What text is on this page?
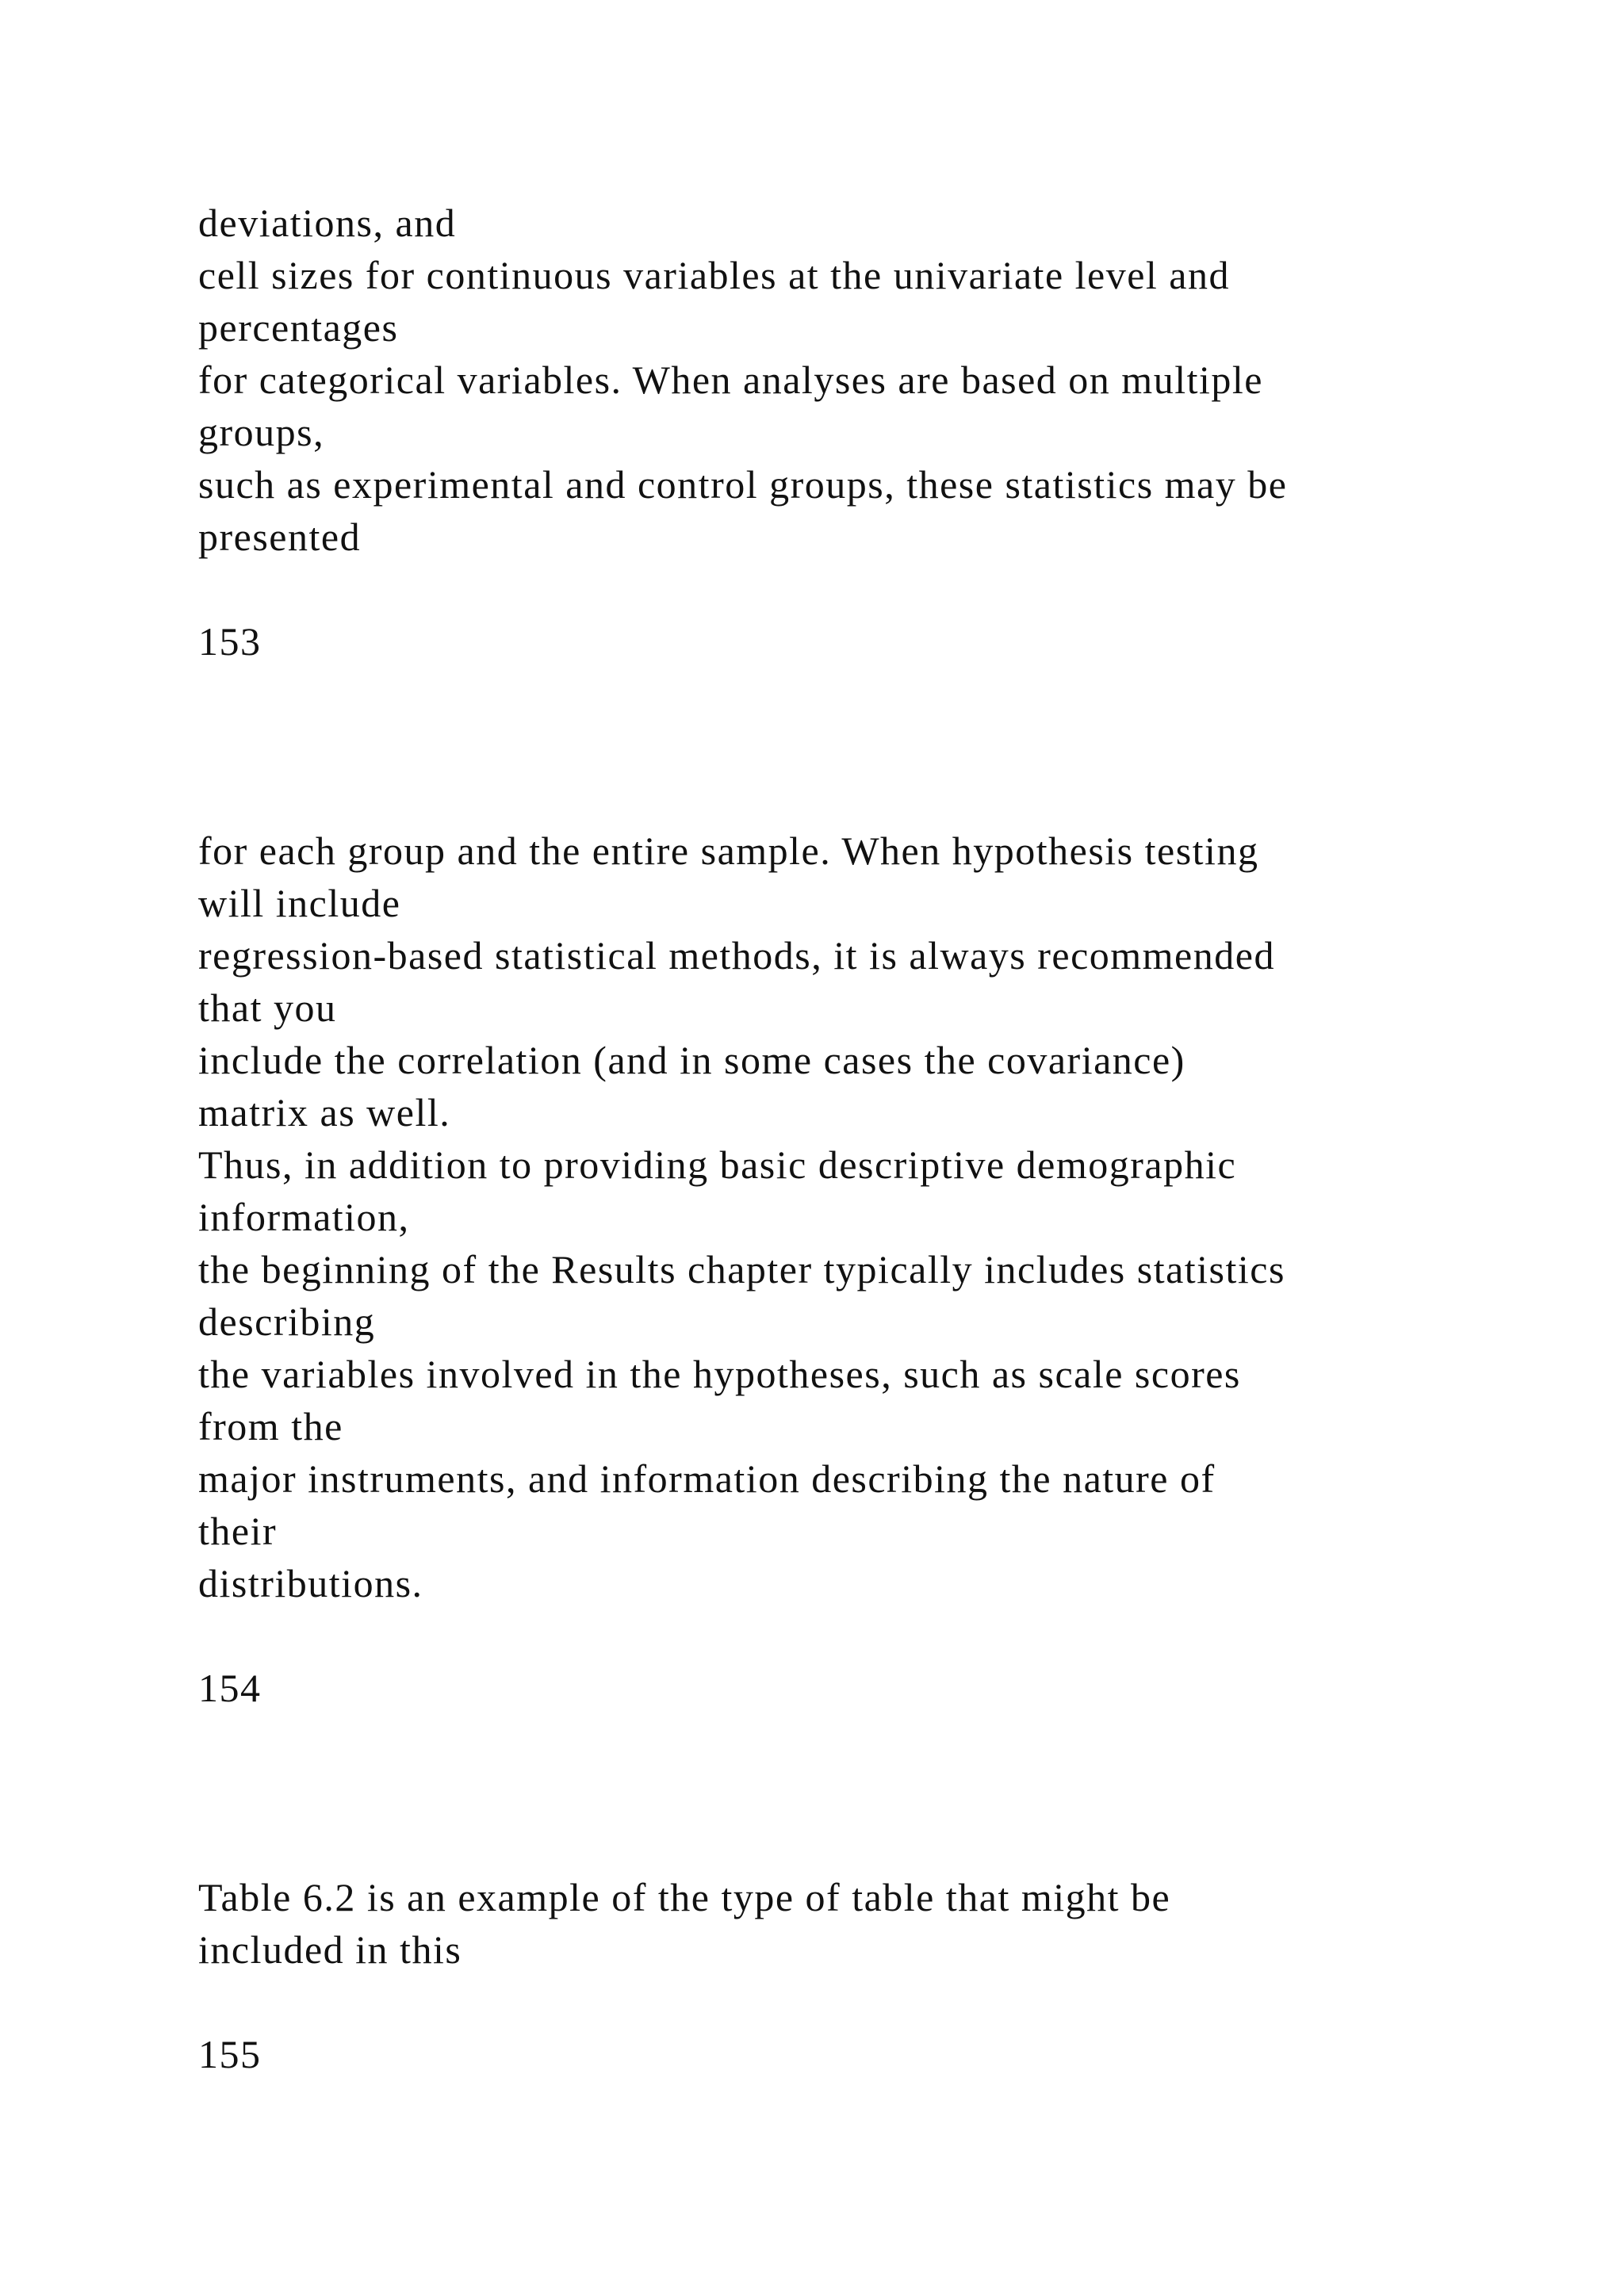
deviations, and
cell sizes for continuous variables at the univariate level and
percentages
for categorical variables. When analyses are based on multiple
groups,
such as experimental and control groups, these statistics may be
presented
153
for each group and the entire sample. When hypothesis testing
will include
regression-based statistical methods, it is always recommended
that you
include the correlation (and in some cases the covariance)
matrix as well.
Thus, in addition to providing basic descriptive demographic
information,
the beginning of the Results chapter typically includes statistics
describing
the variables involved in the hypotheses, such as scale scores
from the
major instruments, and information describing the nature of
their
distributions.
154
Table 6.2 is an example of the type of table that might be
included in this
155
